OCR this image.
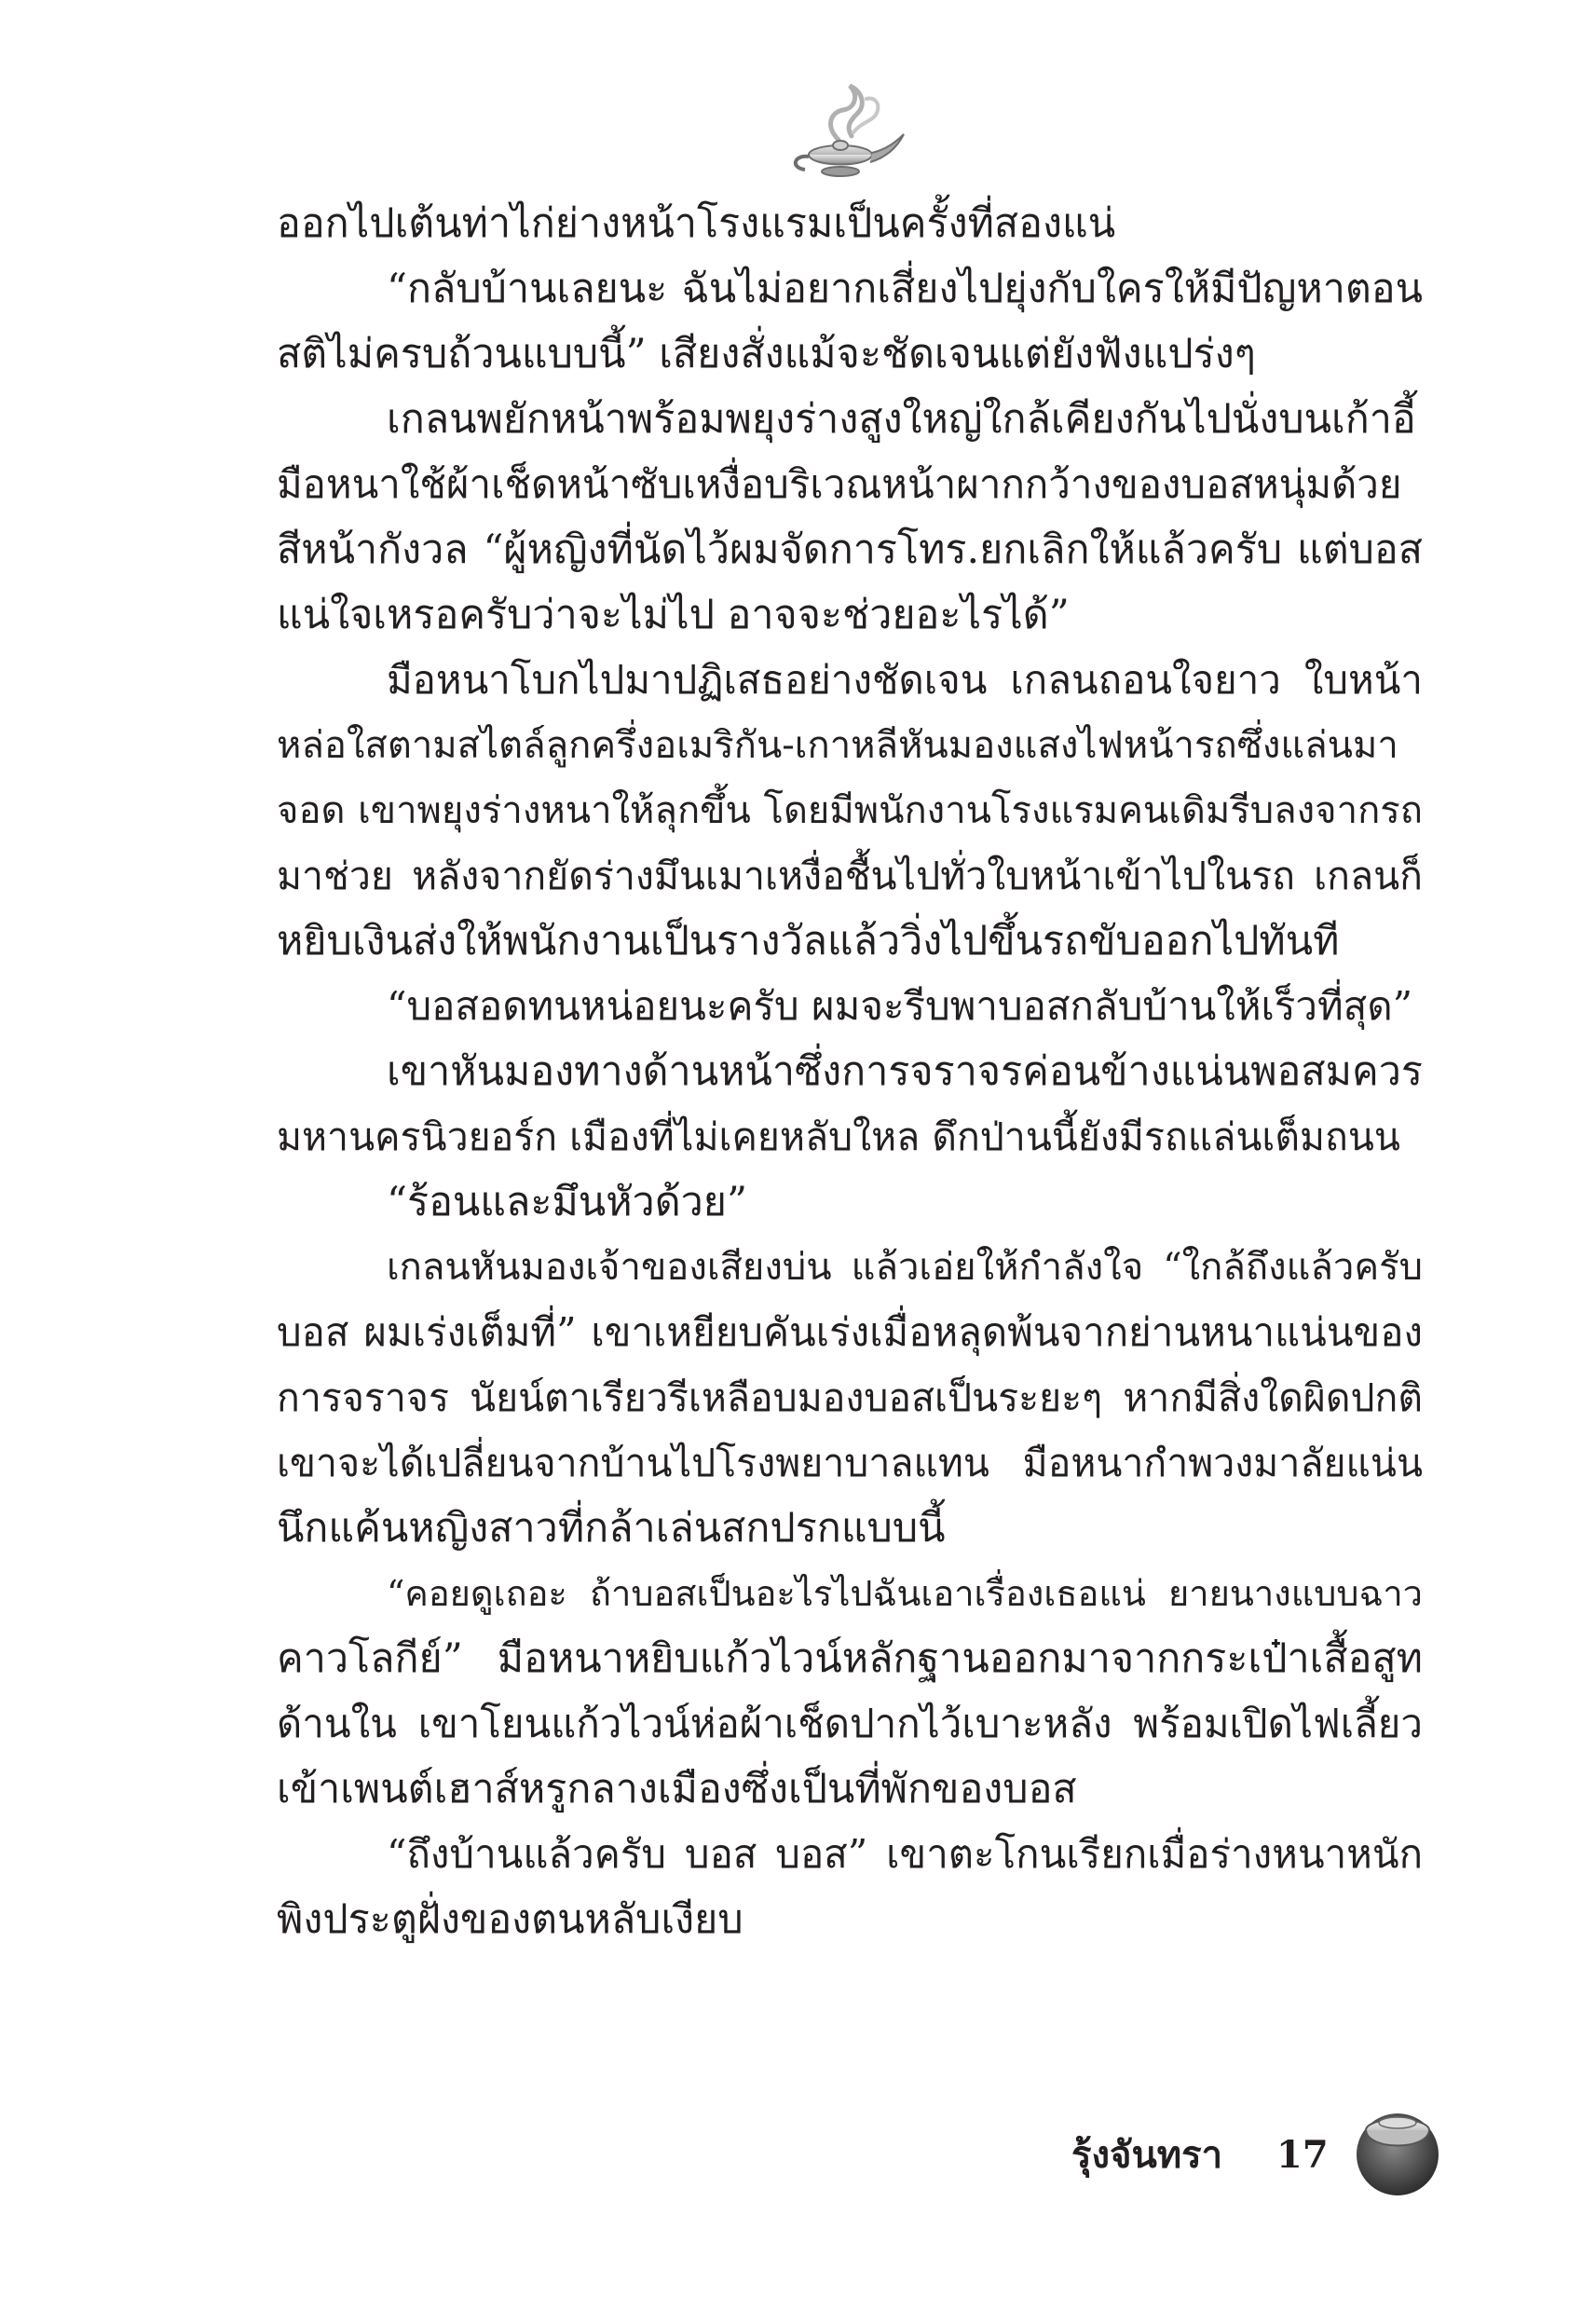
ออกไปเต้นท่าไก่ย่างหน้าโรงแรมเป็นครั้งที่สองแน่
“กลับบ้านเลยนะ ฉันไม่อยากเสี่ยงไปยุ่งกับใครให้มีปัญหาตอน
สติไม่ครบถ้วนแบบนี้” เสียงสั่งแม้จะชัดเจนแต่ยังฟังแปร่งๆ
เกลนพยักหน้าพร้อมพยุงร่างสูงใหญ่ใกล้เคียงกันไปนั่งบนเก้าอี้
มือหนาใช้ผ้าเช็ดหน้าซับเหงื่อบริเวณหน้าผากกว้างของบอสหนุ่มด้วย
สีหน้ากังวล “ผู้หญิงที่นัดไว้ผมจัดการโทร.ยกเลิกให้แล้วครับ แต่บอส
แน่ใจเหรอครับว่าจะไม่ไป อาจจะช่วยอะไรได้”
มือหนาโบกไปมาปฏิเสธอย่างชัดเจน เกลนถอนใจยาว ใบหน้า
หล่อใสตามสไตล์ลูกครึ่งอเมริกัน-เกาหลีหันมองแสงไฟหน้ารถซึ่งแล่นมา
จอด เขาพยุงร่างหนาให้ลุกขึ้น โดยมีพนักงานโรงแรมคนเดิมรีบลงจากรถ
มาช่วย หลังจากยัดร่างมึนเมาเหงื่อชื้นไปทั่วใบหน้าเข้าไปในรถ เกลนก็
หยิบเงินส่งให้พนักงานเป็นรางวัลแล้ววิ่งไปขึ้นรถขับออกไปทันที
“บอสอดทนหน่อยนะครับ ผมจะรีบพาบอสกลับบ้านให้เร็วที่สุด”
เขาหันมองทางด้านหน้าซึ่งการจราจรค่อนข้างแน่นพอสมควร
มหานครนิวยอร์ก เมืองที่ไม่เคยหลับใหล ดึกป่านนี้ยังมีรถแล่นเต็มถนน
“ร้อนและมึนหัวด้วย”
เกลนหันมองเจ้าของเสียงบ่น แล้วเอ่ยให้กำลังใจ “ใกล้ถึงแล้วครับ
บอส ผมเร่งเต็มที่” เขาเหยียบคันเร่งเมื่อหลุดพ้นจากย่านหนาแน่นของ
การจราจร นัยน์ตาเรียวรีเหลือบมองบอสเป็นระยะๆ หากมีสิ่งใดผิดปกติ
เขาจะได้เปลี่ยนจากบ้านไปโรงพยาบาลแทน มือหนากำพวงมาลัยแน่น
นึกแค้นหญิงสาวที่กล้าเล่นสกปรกแบบนี้
“คอยดูเถอะ ถ้าบอสเป็นอะไรไปฉันเอาเรื่องเธอแน่ ยายนางแบบฉาว
คาวโลกีย์” มือหนาหยิบแก้วไวน์หลักฐานออกมาจากกระเป๋าเสื้อสูท
ด้านใน เขาโยนแก้วไวน์ห่อผ้าเช็ดปากไว้เบาะหลัง พร้อมเปิดไฟเลี้ยว
เข้าเพนต์เฮาส์หรูกลางเมืองซึ่งเป็นที่พักของบอส
“ถึงบ้านแล้วครับ บอส บอส” เขาตะโกนเรียกเมื่อร่างหนาหนัก
พิงประตูฝั่งของตนหลับเงียบ
รุ้งจันทรา 17
